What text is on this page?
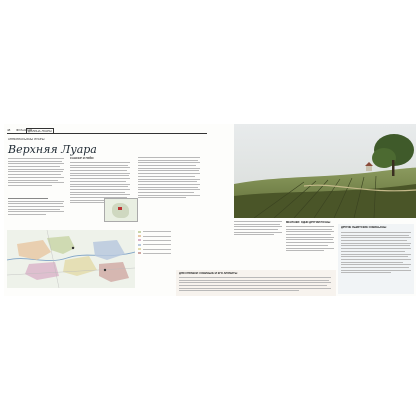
48 ФРАНЦИЯ
ДОЛИНА ЛУАРЫ
АППЕЛЛАСЬОНЫ ЛУАРЫ
Верхняя Луара
САНСЕР И ПУЙИ
МЕНТАЖИ: ОДНИ ДРУГИМ РОЗНЫ
ДРУГИЕ ЛЬВЯТСКИЕ СОВИНЬОНЫ
ДЛЯ СПРАВКИ: СОВИНЬОН И ЕГО АРОМАТЫ
